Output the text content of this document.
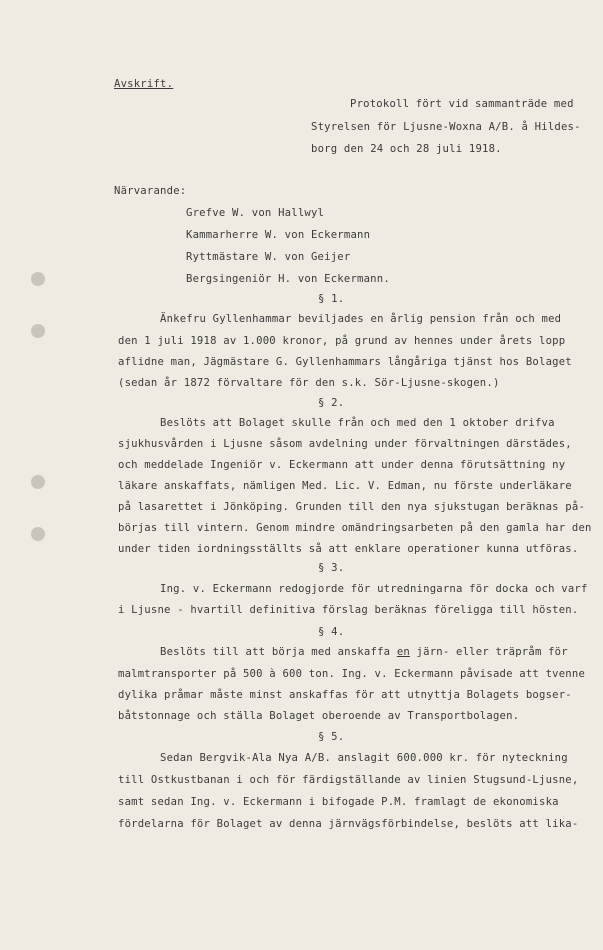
Avskrift.
Protokoll fört vid sammanträde med
Styrelsen för Ljusne-Woxna A/B. å Hildes-
borg den 24 och 28 juli 1918.
Närvarande:
Grefve W. von Hallwyl
Kammarherre W. von Eckermann
Ryttmästare W. von Geijer
Bergsingeniör H. von Eckermann.
§ 1.
Änkefru Gyllenhammar beviljades en årlig pension från och med
den 1 juli 1918 av 1.000 kronor, på grund av hennes under årets lopp
aflidne man, Jägmästare G. Gyllenhammars långåriga tjänst hos Bolaget
(sedan år 1872 förvaltare för den s.k. Sör-Ljusne-skogen.)
§ 2.
Beslöts att Bolaget skulle från och med den 1 oktober drifva
sjukhusvården i Ljusne såsom avdelning under förvaltningen därstädes,
och meddelade Ingeniör v. Eckermann att under denna förutsättning ny
läkare anskaffats, nämligen Med. Lic. V. Edman, nu förste underläkare
på lasarettet i Jönköping. Grunden till den nya sjukstugan beräknas på-
börjas till vintern. Genom mindre omändringsarbeten på den gamla har den
under tiden iordningsställts så att enklare operationer kunna utföras.
§ 3.
Ing. v. Eckermann redogjorde för utredningarna för docka och varf
i Ljusne - hvartill definitiva förslag beräknas föreligga till hösten.
§ 4.
Beslöts till att börja med anskaffa en järn- eller träpråm för
malmtransporter på 500 à 600 ton. Ing. v. Eckermann påvisade att tvenne
dylika pråmar måste minst anskaffas för att utnyttja Bolagets bogser-
båtstonnage och ställa Bolaget oberoende av Transportbolagen.
§ 5.
Sedan Bergvik-Ala Nya A/B. anslagit 600.000 kr. för nyteckning
till Ostkustbanan i och för färdigställande av linien Stugsund-Ljusne,
samt sedan Ing. v. Eckermann i bifogade P.M. framlagt de ekonomiska
fördelarna för Bolaget av denna järnvägsförbindelse, beslöts att lika-
